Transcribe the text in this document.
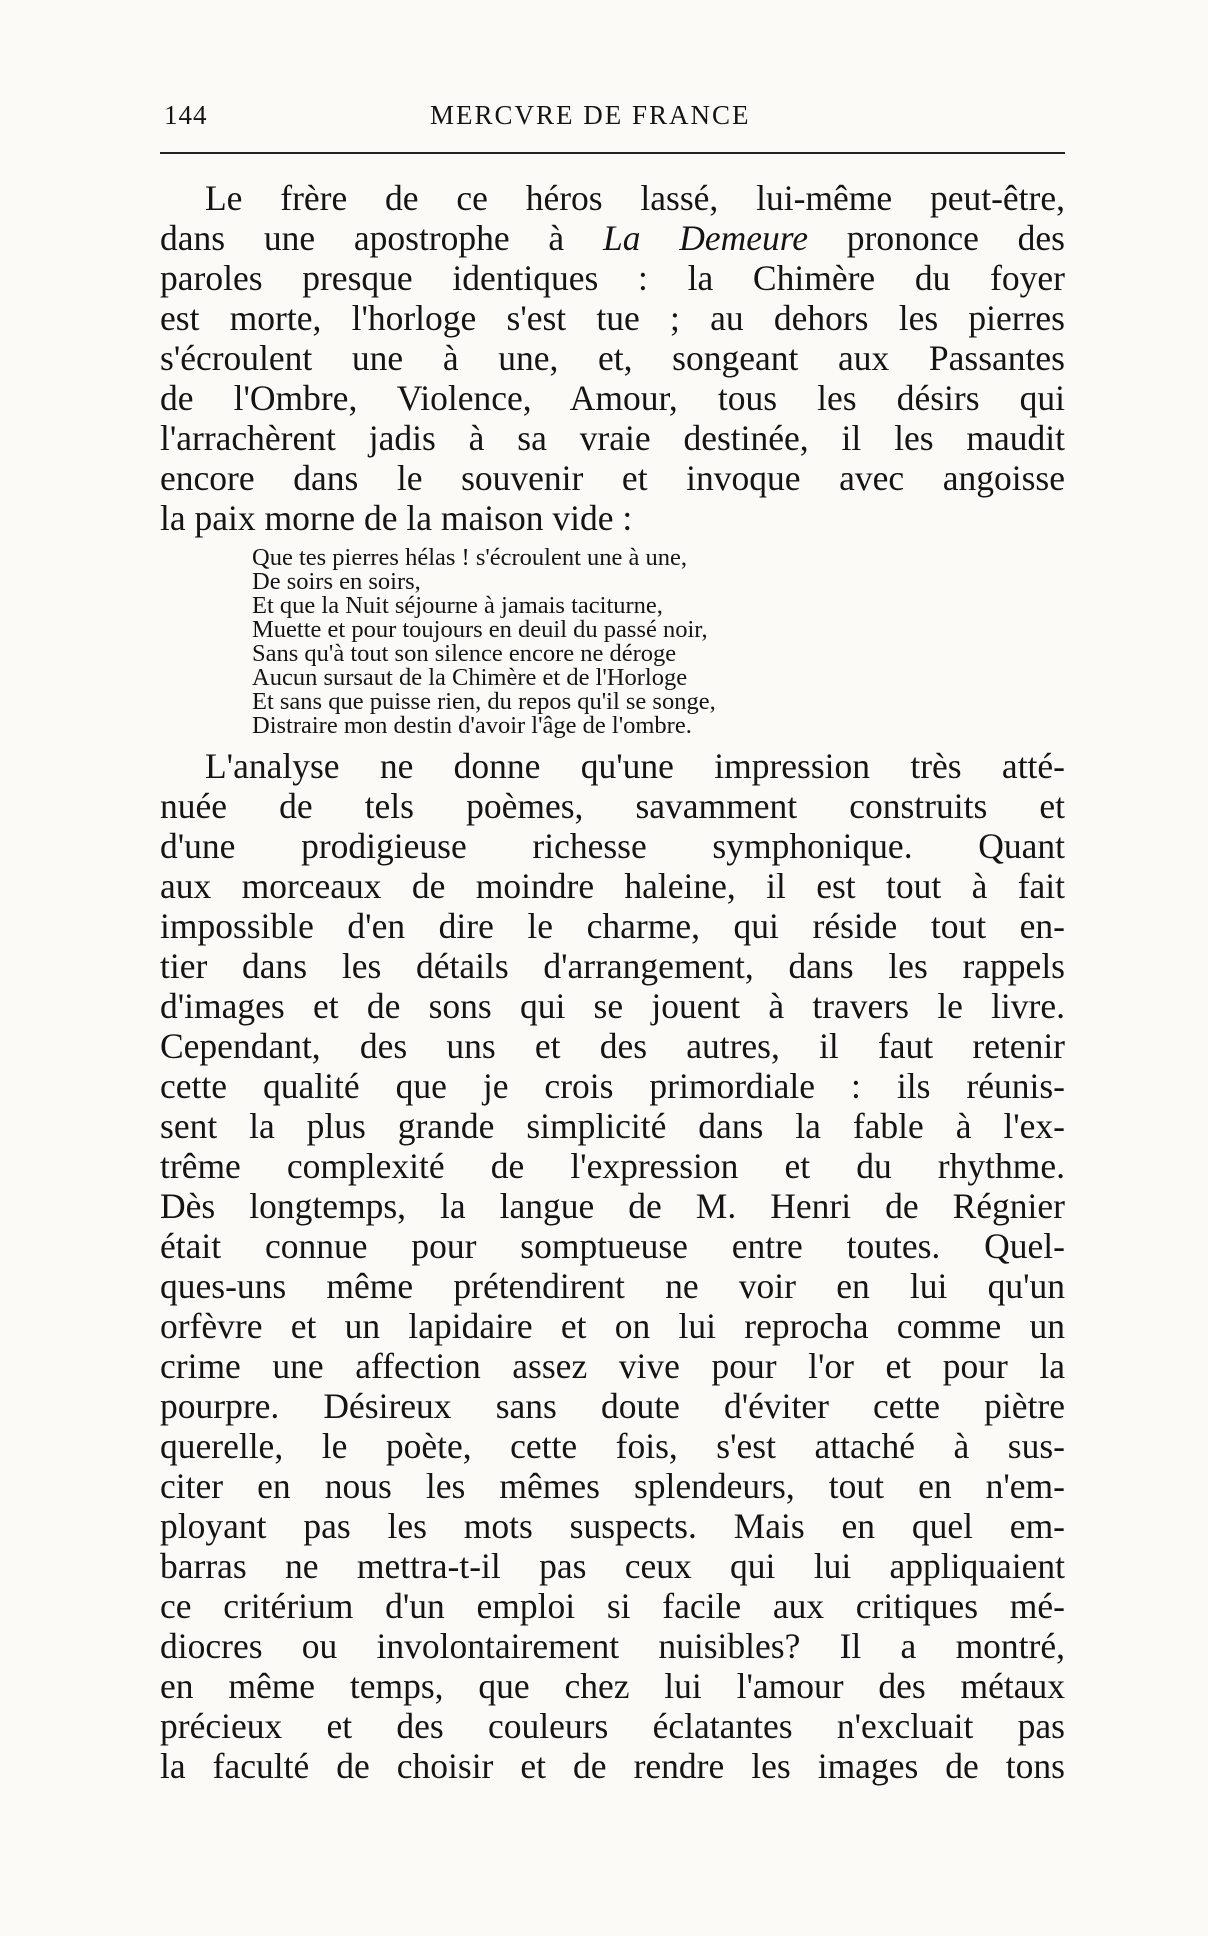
144	MERCVRE DE FRANCE
Le frère de ce héros lassé, lui-même peut-être,
dans une apostrophe à La Demeure prononce des
paroles presque identiques : la Chimère du foyer
est morte, l'horloge s'est tue ; au dehors les pierres
s'écroulent une à une, et, songeant aux Passantes
de l'Ombre, Violence, Amour, tous les désirs qui
l'arrachèrent jadis à sa vraie destinée, il les maudit
encore dans le souvenir et invoque avec angoisse
la paix morne de la maison vide :
Que tes pierres hélas ! s'écroulent une à une,
De soirs en soirs,
Et que la Nuit séjourne à jamais taciturne,
Muette et pour toujours en deuil du passé noir,
Sans qu'à tout son silence encore ne déroge
Aucun sursaut de la Chimère et de l'Horloge
Et sans que puisse rien, du repos qu'il se songe,
Distraire mon destin d'avoir l'âge de l'ombre.
L'analyse ne donne qu'une impression très atté-
nuée de tels poèmes, savamment construits et
d'une prodigieuse richesse symphonique. Quant
aux morceaux de moindre haleine, il est tout à fait
impossible d'en dire le charme, qui réside tout en-
tier dans les détails d'arrangement, dans les rappels
d'images et de sons qui se jouent à travers le livre.
Cependant, des uns et des autres, il faut retenir
cette qualité que je crois primordiale : ils réunis-
sent la plus grande simplicité dans la fable à l'ex-
trême complexité de l'expression et du rhythme.
Dès longtemps, la langue de M. Henri de Régnier
était connue pour somptueuse entre toutes. Quel-
ques-uns même prétendirent ne voir en lui qu'un
orfèvre et un lapidaire et on lui reprocha comme un
crime une affection assez vive pour l'or et pour la
pourpre. Désireux sans doute d'éviter cette piètre
querelle, le poète, cette fois, s'est attaché à sus-
citer en nous les mêmes splendeurs, tout en n'em-
ployant pas les mots suspects. Mais en quel em-
barras ne mettra-t-il pas ceux qui lui appliquaient
ce critérium d'un emploi si facile aux critiques mé-
diocres ou involontairement nuisibles? Il a montré,
en même temps, que chez lui l'amour des métaux
précieux et des couleurs éclatantes n'excluait pas
la faculté de choisir et de rendre les images de tons
